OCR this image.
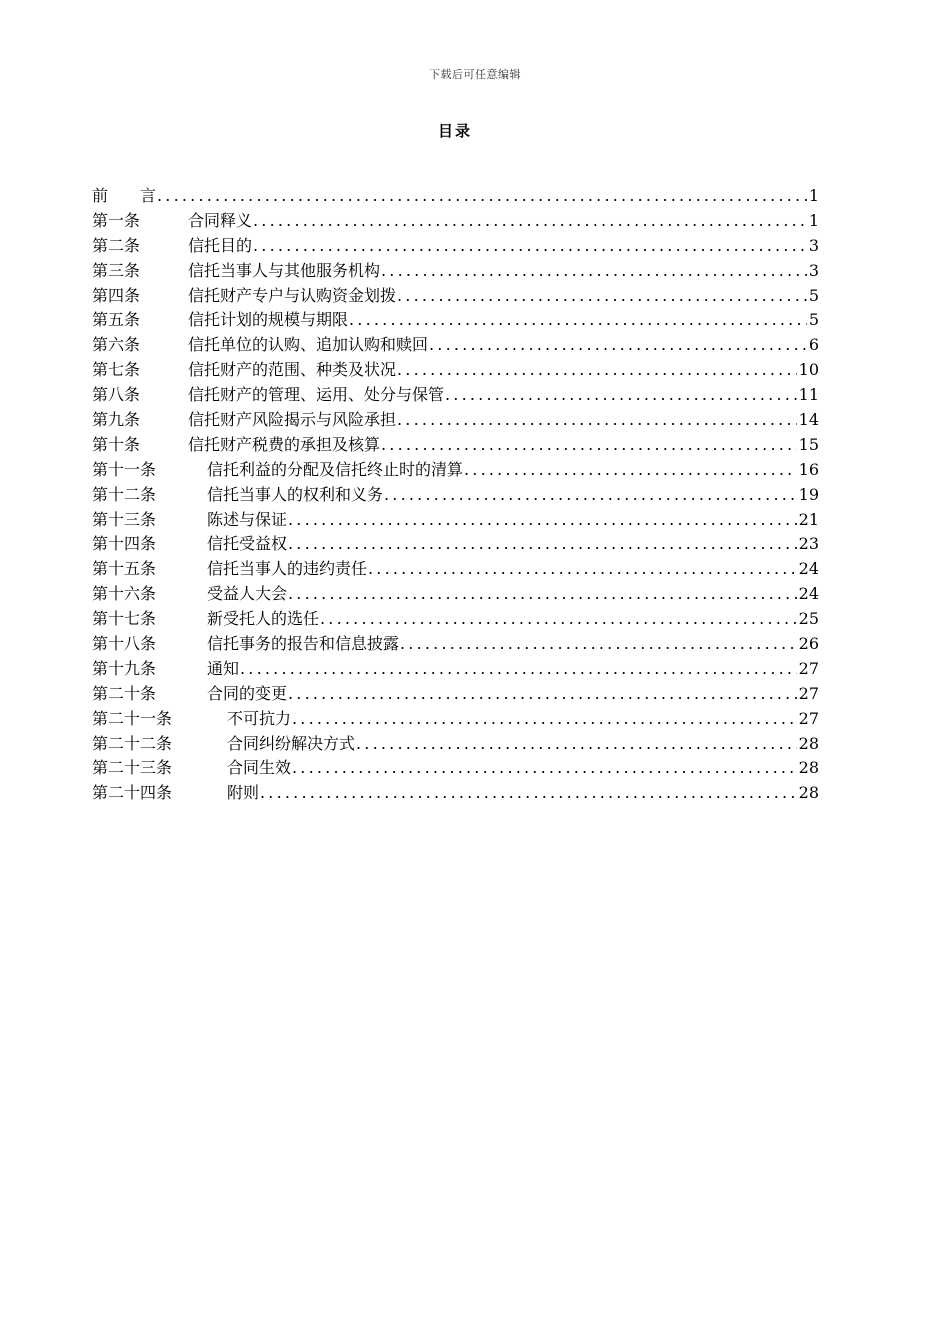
下载后可任意编辑
目录
前　　言 .....	1
第一条	合同释义 .....	1
第二条	信托目的 .....	3
第三条	信托当事人与其他服务机构 .....	3
第四条	信托财产专户与认购资金划拨 .....	5
第五条	信托计划的规模与期限 .....	5
第六条	信托单位的认购、追加认购和赎回 .....	6
第七条	信托财产的范围、种类及状况 .....	10
第八条	信托财产的管理、运用、处分与保管 .....	11
第九条	信托财产风险揭示与风险承担 .....	14
第十条	信托财产税费的承担及核算 .....	15
第十一条	信托利益的分配及信托终止时的清算 .....	16
第十二条	信托当事人的权利和义务 .....	19
第十三条	陈述与保证 .....	21
第十四条	信托受益权 .....	23
第十五条	信托当事人的违约责任 .....	24
第十六条	受益人大会 .....	24
第十七条	新受托人的选任 .....	25
第十八条	信托事务的报告和信息披露 .....	26
第十九条	通知 .....	27
第二十条	合同的变更 .....	27
第二十一条	不可抗力 .....	27
第二十二条	合同纠纷解决方式 .....	28
第二十三条	合同生效 .....	28
第二十四条	附则 .....	28
